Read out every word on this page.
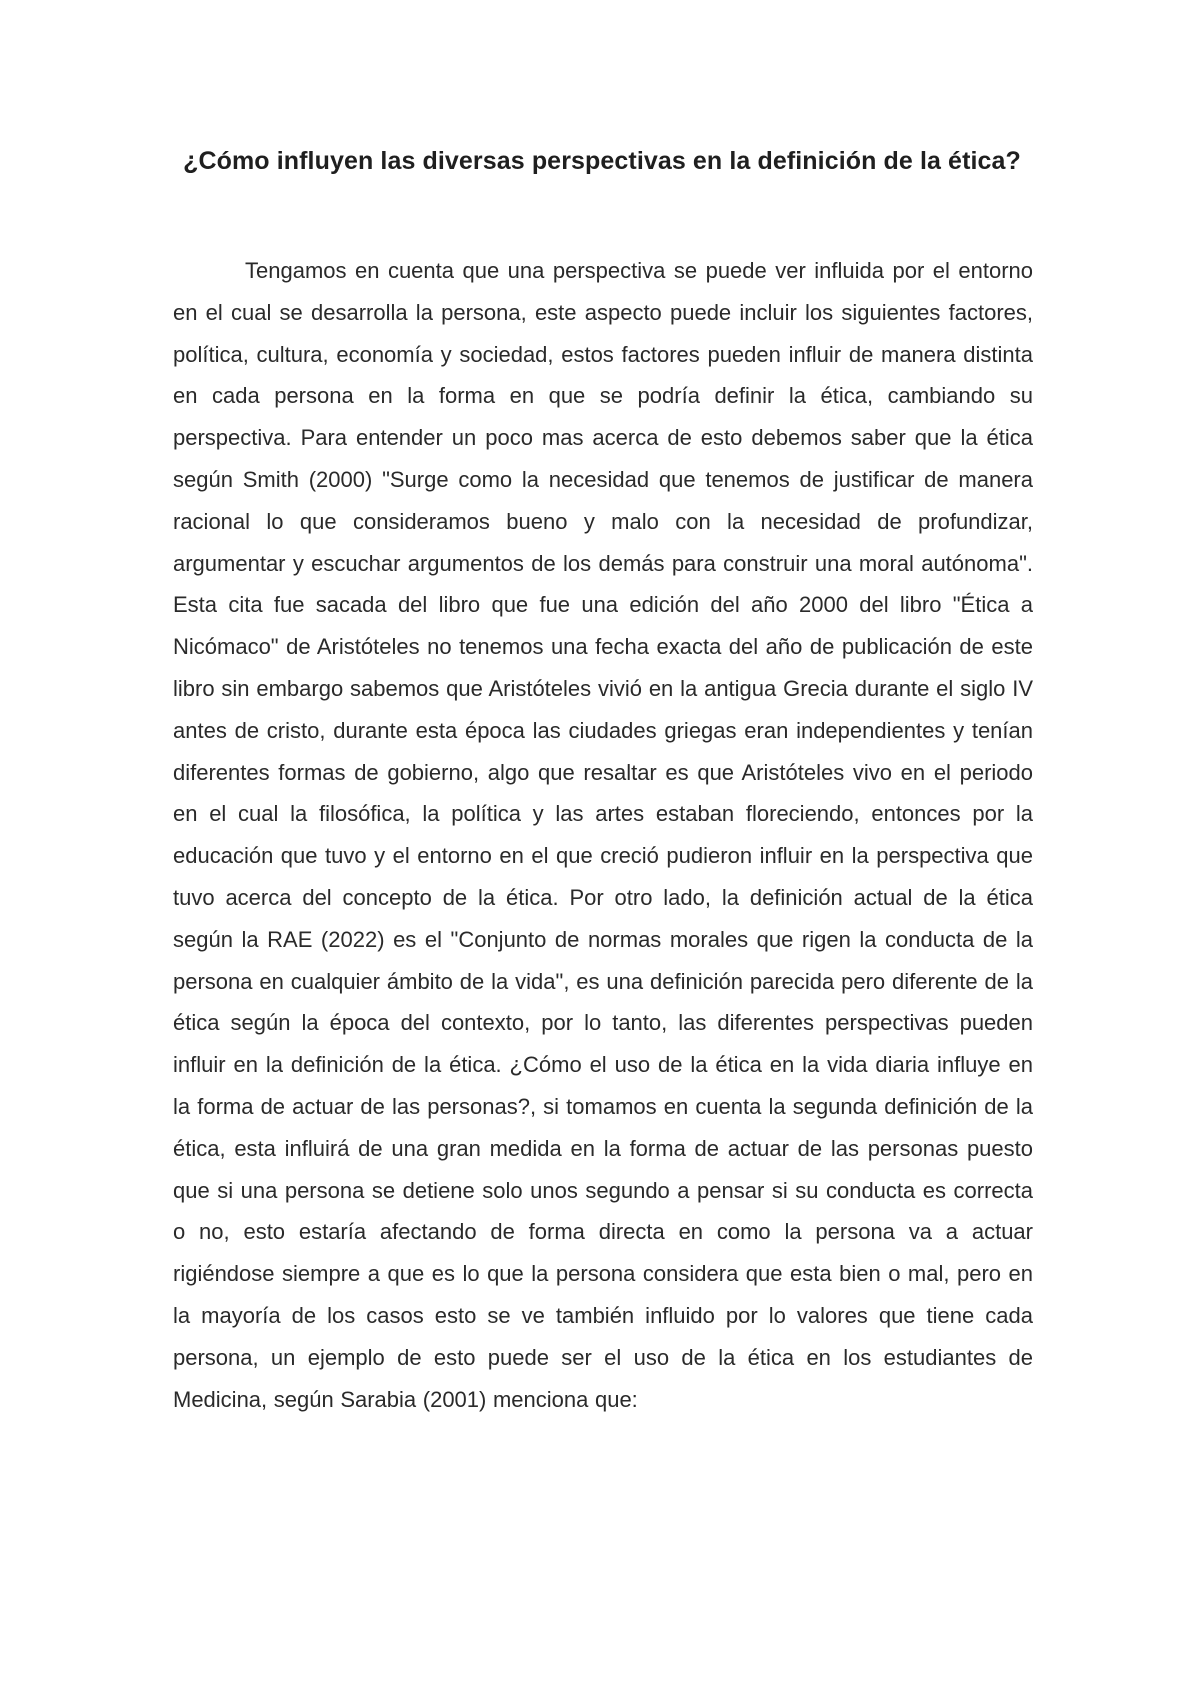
¿Cómo influyen las diversas perspectivas en la definición de la ética?

Tengamos en cuenta que una perspectiva se puede ver influida por el entorno en el cual se desarrolla la persona, este aspecto puede incluir los siguientes factores, política, cultura, economía y sociedad, estos factores pueden influir de manera distinta en cada persona en la forma en que se podría definir la ética, cambiando su perspectiva. Para entender un poco mas acerca de esto debemos saber que la ética según Smith (2000) "Surge como la necesidad que tenemos de justificar de manera racional lo que consideramos bueno y malo con la necesidad de profundizar, argumentar y escuchar argumentos de los demás para construir una moral autónoma". Esta cita fue sacada del libro que fue una edición del año 2000 del libro "Ética a Nicómaco" de Aristóteles no tenemos una fecha exacta del año de publicación de este libro sin embargo sabemos que Aristóteles vivió en la antigua Grecia durante el siglo IV antes de cristo, durante esta época las ciudades griegas eran independientes y tenían diferentes formas de gobierno, algo que resaltar es que Aristóteles vivo en el periodo en el cual la filosófica, la política y las artes estaban floreciendo, entonces por la educación que tuvo y el entorno en el que creció pudieron influir en la perspectiva que tuvo acerca del concepto de la ética. Por otro lado, la definición actual de la ética según la RAE (2022) es el "Conjunto de normas morales que rigen la conducta de la persona en cualquier ámbito de la vida", es una definición parecida pero diferente de la ética según la época del contexto, por lo tanto, las diferentes perspectivas pueden influir en la definición de la ética. ¿Cómo el uso de la ética en la vida diaria influye en la forma de actuar de las personas?, si tomamos en cuenta la segunda definición de la ética, esta influirá de una gran medida en la forma de actuar de las personas puesto que si una persona se detiene solo unos segundo a pensar si su conducta es correcta o no, esto estaría afectando de forma directa en como la persona va a actuar rigiéndose siempre a que es lo que la persona considera que esta bien o mal, pero en la mayoría de los casos esto se ve también influido por lo valores que tiene cada persona, un ejemplo de esto puede ser el uso de la ética en los estudiantes de Medicina, según Sarabia (2001) menciona que:
